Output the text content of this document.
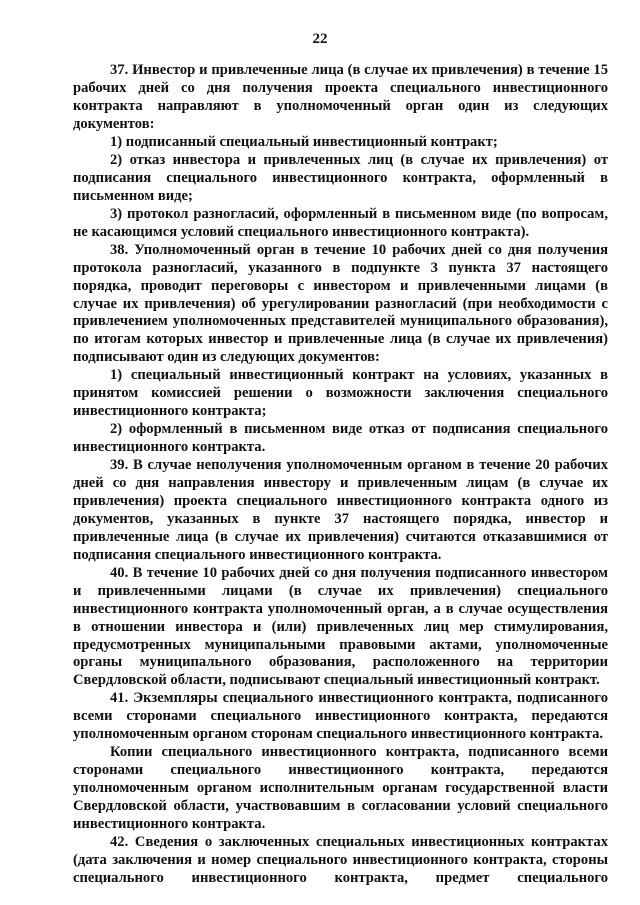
22

37. Инвестор и привлеченные лица (в случае их привлечения) в течение 15 рабочих дней со дня получения проекта специального инвестиционного контракта направляют в уполномоченный орган один из следующих документов:

1) подписанный специальный инвестиционный контракт;

2) отказ инвестора и привлеченных лиц (в случае их привлечения) от подписания специального инвестиционного контракта, оформленный в письменном виде;

3) протокол разногласий, оформленный в письменном виде (по вопросам, не касающимся условий специального инвестиционного контракта).

38. Уполномоченный орган в течение 10 рабочих дней со дня получения протокола разногласий, указанного в подпункте 3 пункта 37 настоящего порядка, проводит переговоры с инвестором и привлеченными лицами (в случае их привлечения) об урегулировании разногласий (при необходимости с привлечением уполномоченных представителей муниципального образования), по итогам которых инвестор и привлеченные лица (в случае их привлечения) подписывают один из следующих документов:

1) специальный инвестиционный контракт на условиях, указанных в принятом комиссией решении о возможности заключения специального инвестиционного контракта;

2) оформленный в письменном виде отказ от подписания специального инвестиционного контракта.

39. В случае неполучения уполномоченным органом в течение 20 рабочих дней со дня направления инвестору и привлеченным лицам (в случае их привлечения) проекта специального инвестиционного контракта одного из документов, указанных в пункте 37 настоящего порядка, инвестор и привлеченные лица (в случае их привлечения) считаются отказавшимися от подписания специального инвестиционного контракта.

40. В течение 10 рабочих дней со дня получения подписанного инвестором и привлеченными лицами (в случае их привлечения) специального инвестиционного контракта уполномоченный орган, а в случае осуществления в отношении инвестора и (или) привлеченных лиц мер стимулирования, предусмотренных муниципальными правовыми актами, уполномоченные органы муниципального образования, расположенного на территории Свердловской области, подписывают специальный инвестиционный контракт.

41. Экземпляры специального инвестиционного контракта, подписанного всеми сторонами специального инвестиционного контракта, передаются уполномоченным органом сторонам специального инвестиционного контракта.

Копии специального инвестиционного контракта, подписанного всеми сторонами специального инвестиционного контракта, передаются уполномоченным органом исполнительным органам государственной власти Свердловской области, участвовавшим в согласовании условий специального инвестиционного контракта.

42. Сведения о заключенных специальных инвестиционных контрактах (дата заключения и номер специального инвестиционного контракта, стороны специального инвестиционного контракта, предмет специального
